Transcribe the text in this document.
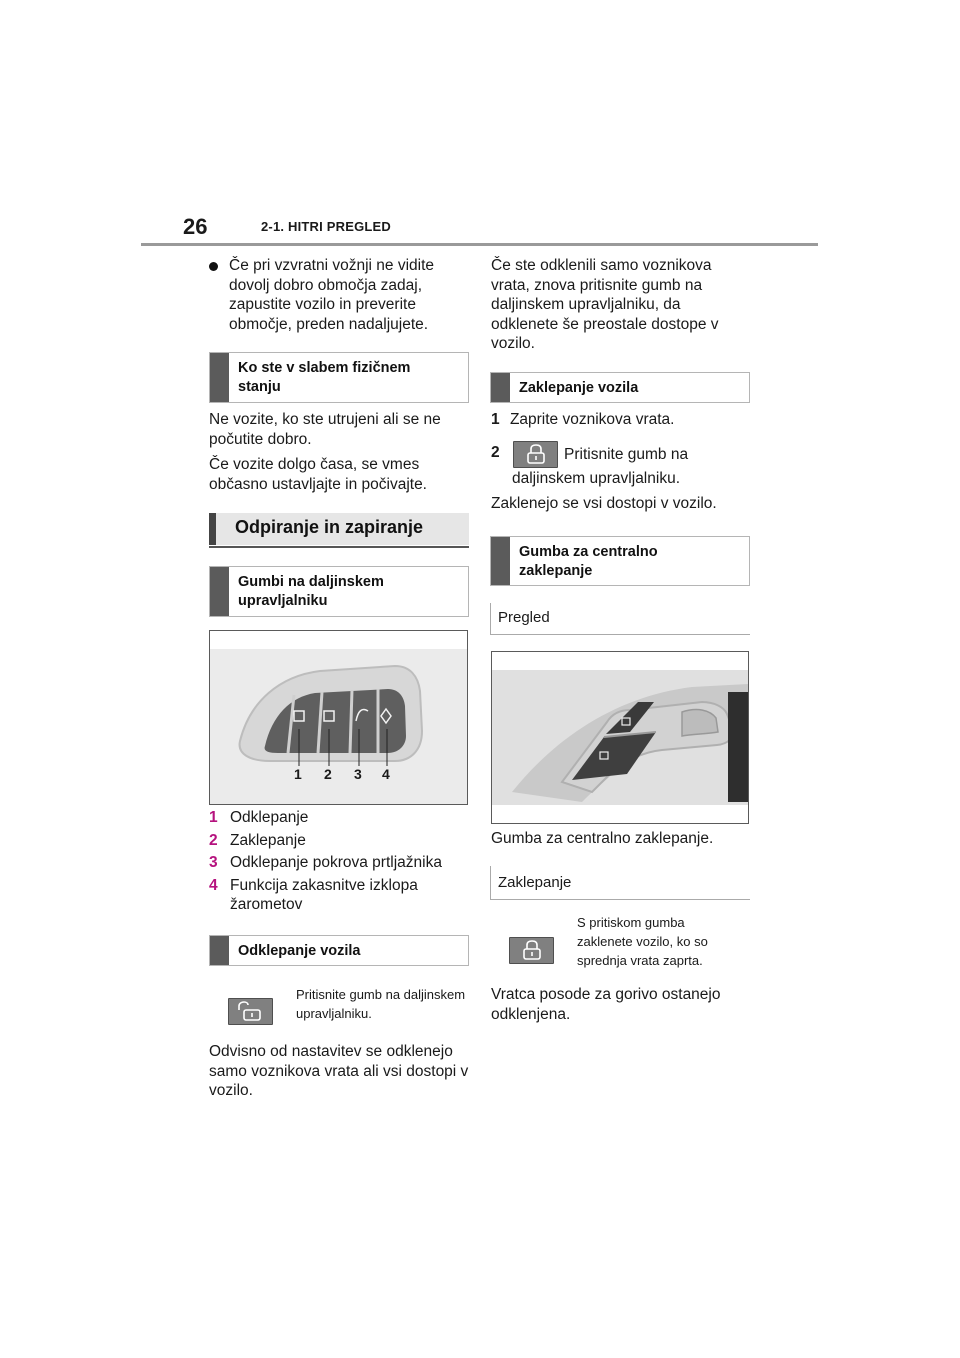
26	2-1. HITRI PREGLED
Če pri vzvratni vožnji ne vidite dovolj dobro območja zadaj, zapustite vozilo in preverite območje, preden nadaljujete.
Ko ste v slabem fizičnem
stanju
Ne vozite, ko ste utrujeni ali se ne počutite dobro.
Če vozite dolgo časa, se vmes občasno ustavljajte in počivajte.
Odpiranje in zapiranje
Gumbi na daljinskem
upravljalniku
1 2 3 4
1 Odklepanje
2 Zaklepanje
3 Odklepanje pokrova prtljažnika
4 Funkcija zakasnitve izklopa žarometov
Odklepanje vozila
Pritisnite gumb na daljinskem upravljalniku.
Odvisno od nastavitev se odklenejo samo voznikova vrata ali vsi dostopi v vozilo.
Če ste odklenili samo voznikova vrata, znova pritisnite gumb na daljinskem upravljalniku, da odklenete še preostale dostope v vozilo.
Zaklepanje vozila
1 Zaprite voznikova vrata.
2	Pritisnite gumb na
daljinskem upravljalniku.
Zaklenejo se vsi dostopi v vozilo.
Gumba za centralno
zaklepanje
Pregled
Gumba za centralno zaklepanje.
Zaklepanje
S pritiskom gumba zaklenete vozilo, ko so sprednja vrata zaprta.
Vratca posode za gorivo ostanejo odklenjena.
